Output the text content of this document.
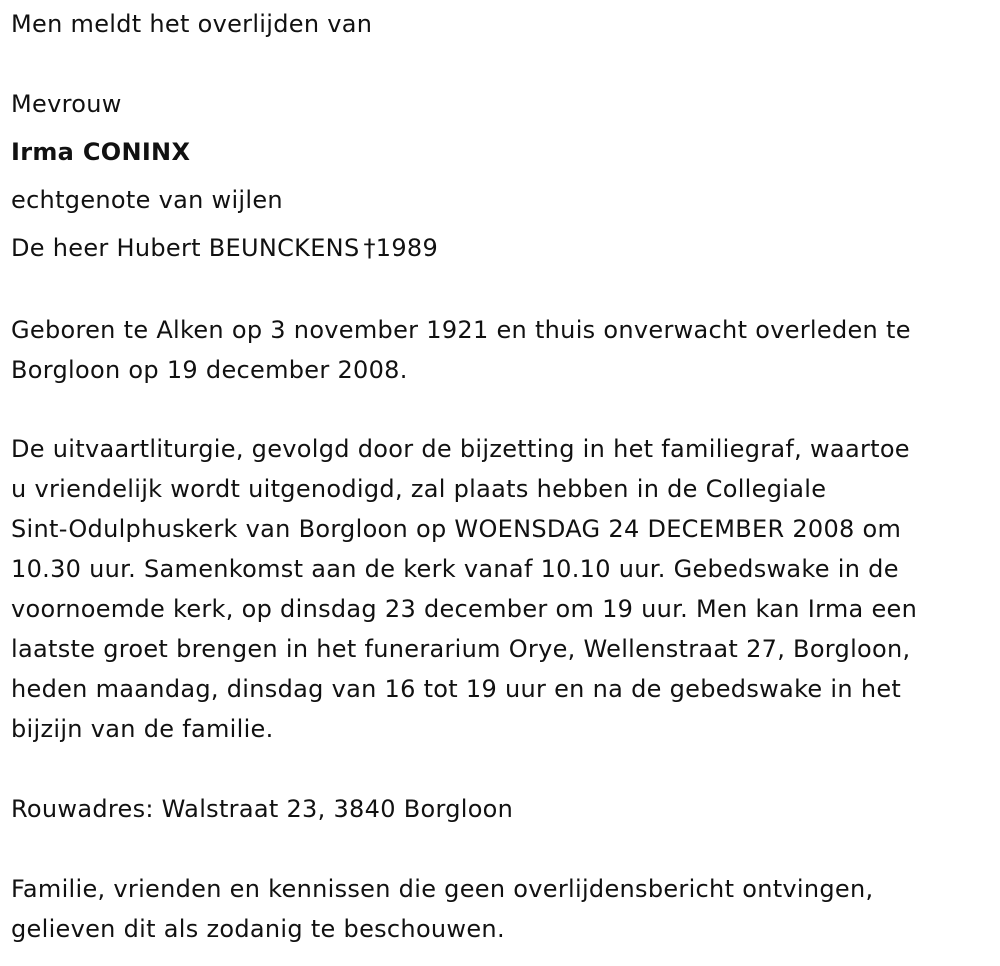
Men meldt het overlijden van
Mevrouw
Irma CONINX
echtgenote van wijlen
De heer Hubert BEUNCKENS †1989
Geboren te Alken op 3 november 1921 en thuis onverwacht overleden te
Borgloon op 19 december 2008.
De uitvaartliturgie, gevolgd door de bijzetting in het familiegraf, waartoe
u vriendelijk wordt uitgenodigd, zal plaats hebben in de Collegiale
Sint-Odulphuskerk van Borgloon op WOENSDAG 24 DECEMBER 2008 om
10.30 uur. Samenkomst aan de kerk vanaf 10.10 uur. Gebedswake in de
voornoemde kerk, op dinsdag 23 december om 19 uur. Men kan Irma een
laatste groet brengen in het funerarium Orye, Wellenstraat 27, Borgloon,
heden maandag, dinsdag van 16 tot 19 uur en na de gebedswake in het
bijzijn van de familie.
Rouwadres: Walstraat 23, 3840 Borgloon
Familie, vrienden en kennissen die geen overlijdensbericht ontvingen,
gelieven dit als zodanig te beschouwen.
